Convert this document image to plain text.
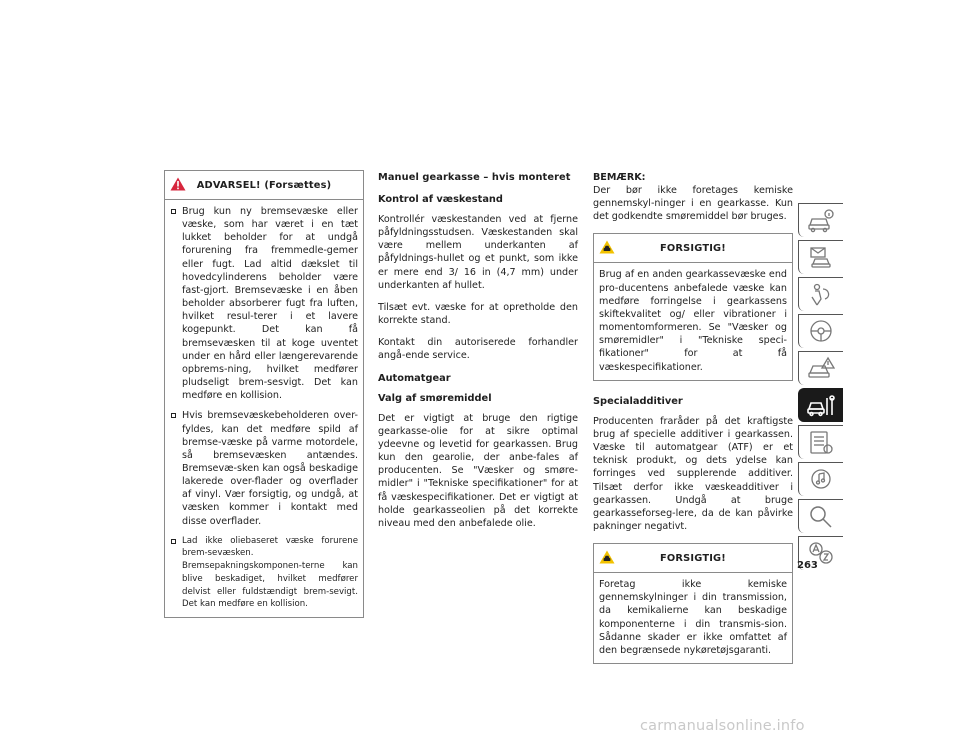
ADVARSEL! (Forsættes)

Brug kun ny bremsevæske eller væske, som har været i en tæt lukket beholder for at undgå forurening fra fremmedle-gemer eller fugt. Lad altid dækslet til hovedcylinderens beholder være fast-gjort. Bremsevæske i en åben beholder absorberer fugt fra luften, hvilket resul-terer i et lavere kogepunkt. Det kan få bremsevæsken til at koge uventet under en hård eller længerevarende opbrems-ning, hvilket medfører pludseligt brem-sesvigt. Det kan medføre en kollision.

Hvis bremsevæskebeholderen over-fyldes, kan det medføre spild af bremse-væske på varme motordele, så bremsevæsken antændes. Bremsevæ-sken kan også beskadige lakerede over-flader og overflader af vinyl. Vær forsigtig, og undgå, at væsken kommer i kontakt med disse overflader.

Lad ikke oliebaseret væske forurene brem-sevæsken. Bremsepakningskomponen-terne kan blive beskadiget, hvilket medfører delvist eller fuldstændigt brem-sevigt. Det kan medføre en kollision.

Manuel gearkasse – hvis monteret

Kontrol af væskestand

Kontrollér væskestanden ved at fjerne påfyldningsstudsen. Væskestanden skal være mellem underkanten af påfyldnings-hullet og et punkt, som ikke er mere end 3/ 16 in (4,7 mm) under underkanten af hullet.

Tilsæt evt. væske for at opretholde den korrekte stand.

Kontakt din autoriserede forhandler angå-ende service.

Automatgear

Valg af smøremiddel

Det er vigtigt at bruge den rigtige gearkasse-olie for at sikre optimal ydeevne og levetid for gearkassen. Brug kun den gearolie, der anbe-fales af producenten. Se "Væsker og smøre-midler" i "Tekniske specifikationer" for at få væskespecifikationer. Det er vigtigt at holde gearkasseolien på det korrekte niveau med den anbefalede olie.

BEMÆRK:

Der bør ikke foretages kemiske gennemskyl-ninger i en gearkasse. Kun det godkendte smøremiddel bør bruges.

FORSIGTIG!

Brug af en anden gearkassevæske end pro-ducentens anbefalede væske kan medføre forringelse i gearkassens skiftekvalitet og/ eller vibrationer i momentomformeren. Se "Væsker og smøremidler" i "Tekniske speci-fikationer" for at få væskespecifikationer.

Specialadditiver

Producenten fraråder på det kraftigste brug af specielle additiver i gearkassen. Væske til automatgear (ATF) er et teknisk produkt, og dets ydelse kan forringes ved supplerende additiver. Tilsæt derfor ikke væskeadditiver i gearkassen. Undgå at bruge gearkasseforseg-lere, da de kan påvirke pakninger negativt.

FORSIGTIG!

Foretag ikke kemiske gennemskylninger i din transmission, da kemikalierne kan beskadige komponenterne i din transmis-sion. Sådanne skader er ikke omfattet af den begrænsede nykøretøjsgaranti.

263
carmanualsonline.info
